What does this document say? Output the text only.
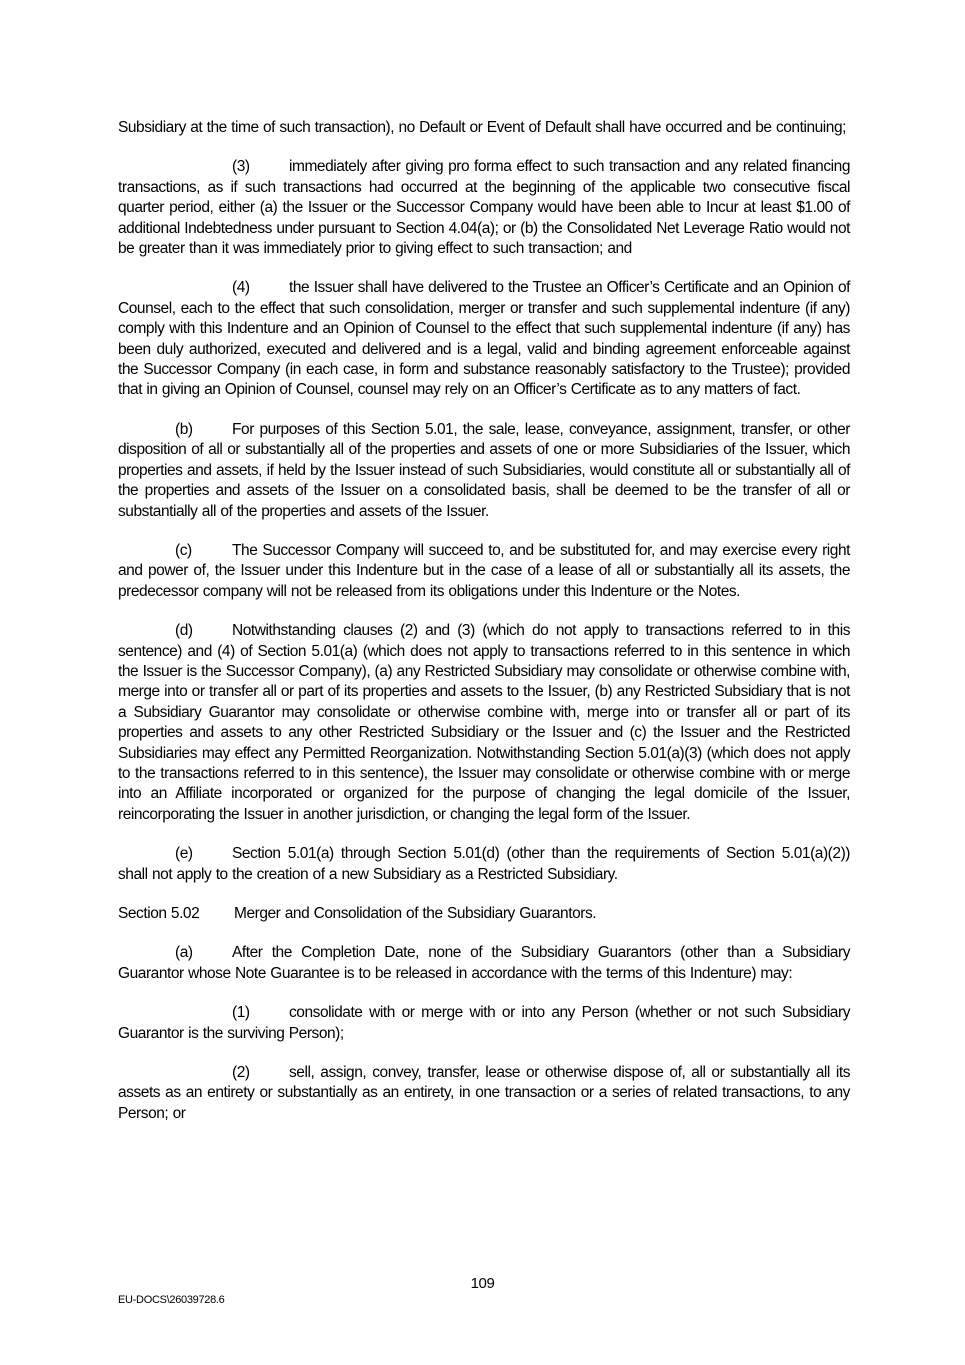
Subsidiary at the time of such transaction), no Default or Event of Default shall have occurred and be continuing;

(3)	immediately after giving pro forma effect to such transaction and any related financing transactions, as if such transactions had occurred at the beginning of the applicable two consecutive fiscal quarter period, either (a) the Issuer or the Successor Company would have been able to Incur at least $1.00 of additional Indebtedness under pursuant to Section 4.04(a); or (b) the Consolidated Net Leverage Ratio would not be greater than it was immediately prior to giving effect to such transaction; and

(4)	the Issuer shall have delivered to the Trustee an Officer’s Certificate and an Opinion of Counsel, each to the effect that such consolidation, merger or transfer and such supplemental indenture (if any) comply with this Indenture and an Opinion of Counsel to the effect that such supplemental indenture (if any) has been duly authorized, executed and delivered and is a legal, valid and binding agreement enforceable against the Successor Company (in each case, in form and substance reasonably satisfactory to the Trustee); provided that in giving an Opinion of Counsel, counsel may rely on an Officer’s Certificate as to any matters of fact.

(b)	For purposes of this Section 5.01, the sale, lease, conveyance, assignment, transfer, or other disposition of all or substantially all of the properties and assets of one or more Subsidiaries of the Issuer, which properties and assets, if held by the Issuer instead of such Subsidiaries, would constitute all or substantially all of the properties and assets of the Issuer on a consolidated basis, shall be deemed to be the transfer of all or substantially all of the properties and assets of the Issuer.

(c)	The Successor Company will succeed to, and be substituted for, and may exercise every right and power of, the Issuer under this Indenture but in the case of a lease of all or substantially all its assets, the predecessor company will not be released from its obligations under this Indenture or the Notes.

(d)	Notwithstanding clauses (2) and (3) (which do not apply to transactions referred to in this sentence) and (4) of Section 5.01(a) (which does not apply to transactions referred to in this sentence in which the Issuer is the Successor Company), (a) any Restricted Subsidiary may consolidate or otherwise combine with, merge into or transfer all or part of its properties and assets to the Issuer, (b) any Restricted Subsidiary that is not a Subsidiary Guarantor may consolidate or otherwise combine with, merge into or transfer all or part of its properties and assets to any other Restricted Subsidiary or the Issuer and (c) the Issuer and the Restricted Subsidiaries may effect any Permitted Reorganization. Notwithstanding Section 5.01(a)(3) (which does not apply to the transactions referred to in this sentence), the Issuer may consolidate or otherwise combine with or merge into an Affiliate incorporated or organized for the purpose of changing the legal domicile of the Issuer, reincorporating the Issuer in another jurisdiction, or changing the legal form of the Issuer.

(e)	Section 5.01(a) through Section 5.01(d) (other than the requirements of Section 5.01(a)(2)) shall not apply to the creation of a new Subsidiary as a Restricted Subsidiary.

Section 5.02 Merger and Consolidation of the Subsidiary Guarantors.

(a)	After the Completion Date, none of the Subsidiary Guarantors (other than a Subsidiary Guarantor whose Note Guarantee is to be released in accordance with the terms of this Indenture) may:

(1)	consolidate with or merge with or into any Person (whether or not such Subsidiary Guarantor is the surviving Person);

(2)	sell, assign, convey, transfer, lease or otherwise dispose of, all or substantially all its assets as an entirety or substantially as an entirety, in one transaction or a series of related transactions, to any Person; or

109
EU-DOCS\26039728.6
